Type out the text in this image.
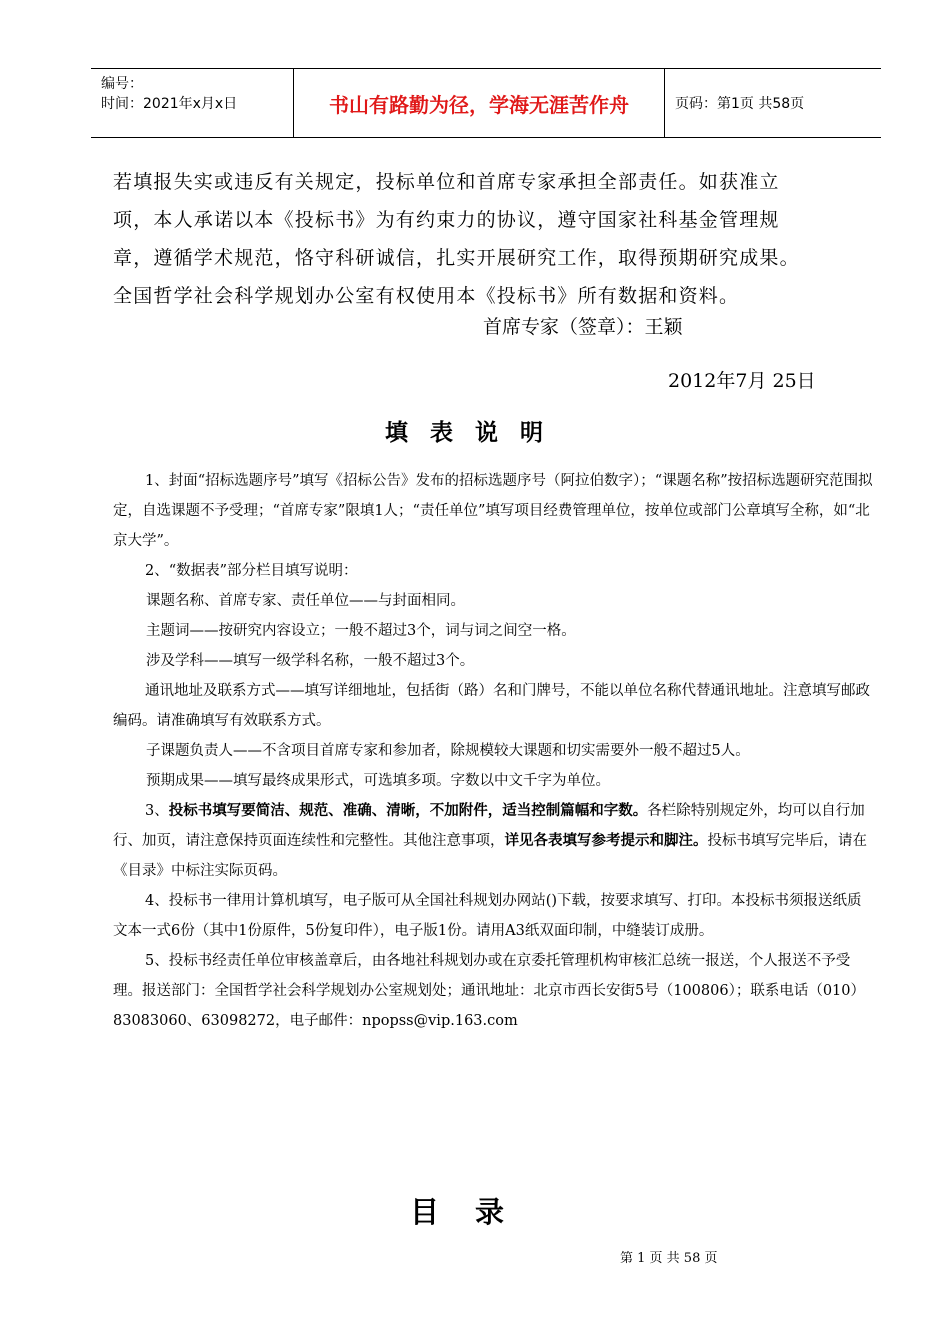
编号：
时间：2021年x月x日	书山有路勤为径，学海无涯苦作舟	页码：第1页 共58页

若填报失实或违反有关规定，投标单位和首席专家承担全部责任。如获准立

项，本人承诺以本《投标书》为有约束力的协议，遵守国家社科基金管理规

章，遵循学术规范，恪守科研诚信，扎实开展研究工作，取得预期研究成果。

全国哲学社会科学规划办公室有权使用本《投标书》所有数据和资料。

首席专家（签章）：王颖
2012年7月 25日
填表说明

1、封面“招标选题序号”填写《招标公告》发布的招标选题序号（阿拉伯数字）；“课题名称”按招标选题研究范围拟定，自选课题不予受理；“首席专家”限填1人；“责任单位”填写项目经费管理单位，按单位或部门公章填写全称，如“北京大学”。

2、“数据表”部分栏目填写说明：

课题名称、首席专家、责任单位——与封面相同。

主题词——按研究内容设立；一般不超过3个，词与词之间空一格。

涉及学科——填写一级学科名称，一般不超过3个。

通讯地址及联系方式——填写详细地址，包括街（路）名和门牌号，不能以单位名称代替通讯地址。注意填写邮政编码。请准确填写有效联系方式。

子课题负责人——不含项目首席专家和参加者，除规模较大课题和切实需要外一般不超过5人。

预期成果——填写最终成果形式，可选填多项。字数以中文千字为单位。

3、投标书填写要简洁、规范、准确、清晰，不加附件，适当控制篇幅和字数。各栏除特别规定外，均可以自行加行、加页，请注意保持页面连续性和完整性。其他注意事项，详见各表填写参考提示和脚注。投标书填写完毕后，请在《目录》中标注实际页码。

4、投标书一律用计算机填写，电子版可从全国社科规划办网站()下载，按要求填写、打印。本投标书须报送纸质文本一式6份（其中1份原件，5份复印件），电子版1份。请用A3纸双面印制，中缝装订成册。

5、投标书经责任单位审核盖章后，由各地社科规划办或在京委托管理机构审核汇总统一报送，个人报送不予受理。报送部门：全国哲学社会科学规划办公室规划处；通讯地址：北京市西长安街5号（100806）；联系电话（010）83083060、63098272，电子邮件：npopss@vip.163.com

目录
第 1 页 共 58 页
